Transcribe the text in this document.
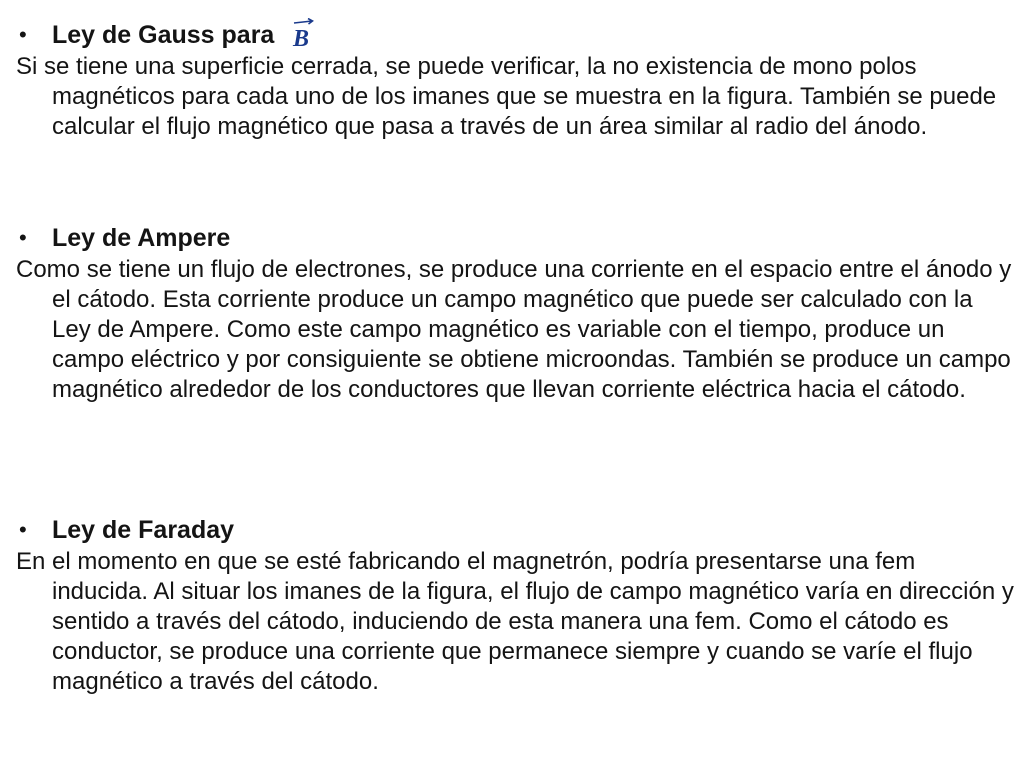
• Ley de Gauss para B

Si se tiene una superficie cerrada, se puede verificar, la no existencia de mono polos magnéticos para cada uno de los imanes que se muestra en la figura. También se puede calcular el flujo magnético que pasa a través de un área similar al radio del ánodo.

• Ley de Ampere

Como se tiene un flujo de electrones, se produce una corriente en el espacio entre el ánodo y el cátodo. Esta corriente produce un campo magnético que puede ser calculado con la Ley de Ampere. Como este campo magnético es variable con el tiempo, produce un campo eléctrico y por consiguiente se obtiene microondas. También se produce un campo magnético alrededor de los conductores que llevan corriente eléctrica hacia el cátodo.

• Ley de Faraday

En el momento en que se esté fabricando el magnetrón, podría presentarse una fem inducida. Al situar los imanes de la figura, el flujo de campo magnético varía en dirección y sentido a través del cátodo, induciendo de esta manera una fem. Como el cátodo es conductor, se produce una corriente que permanece siempre y cuando se varíe el flujo magnético a través del cátodo.
